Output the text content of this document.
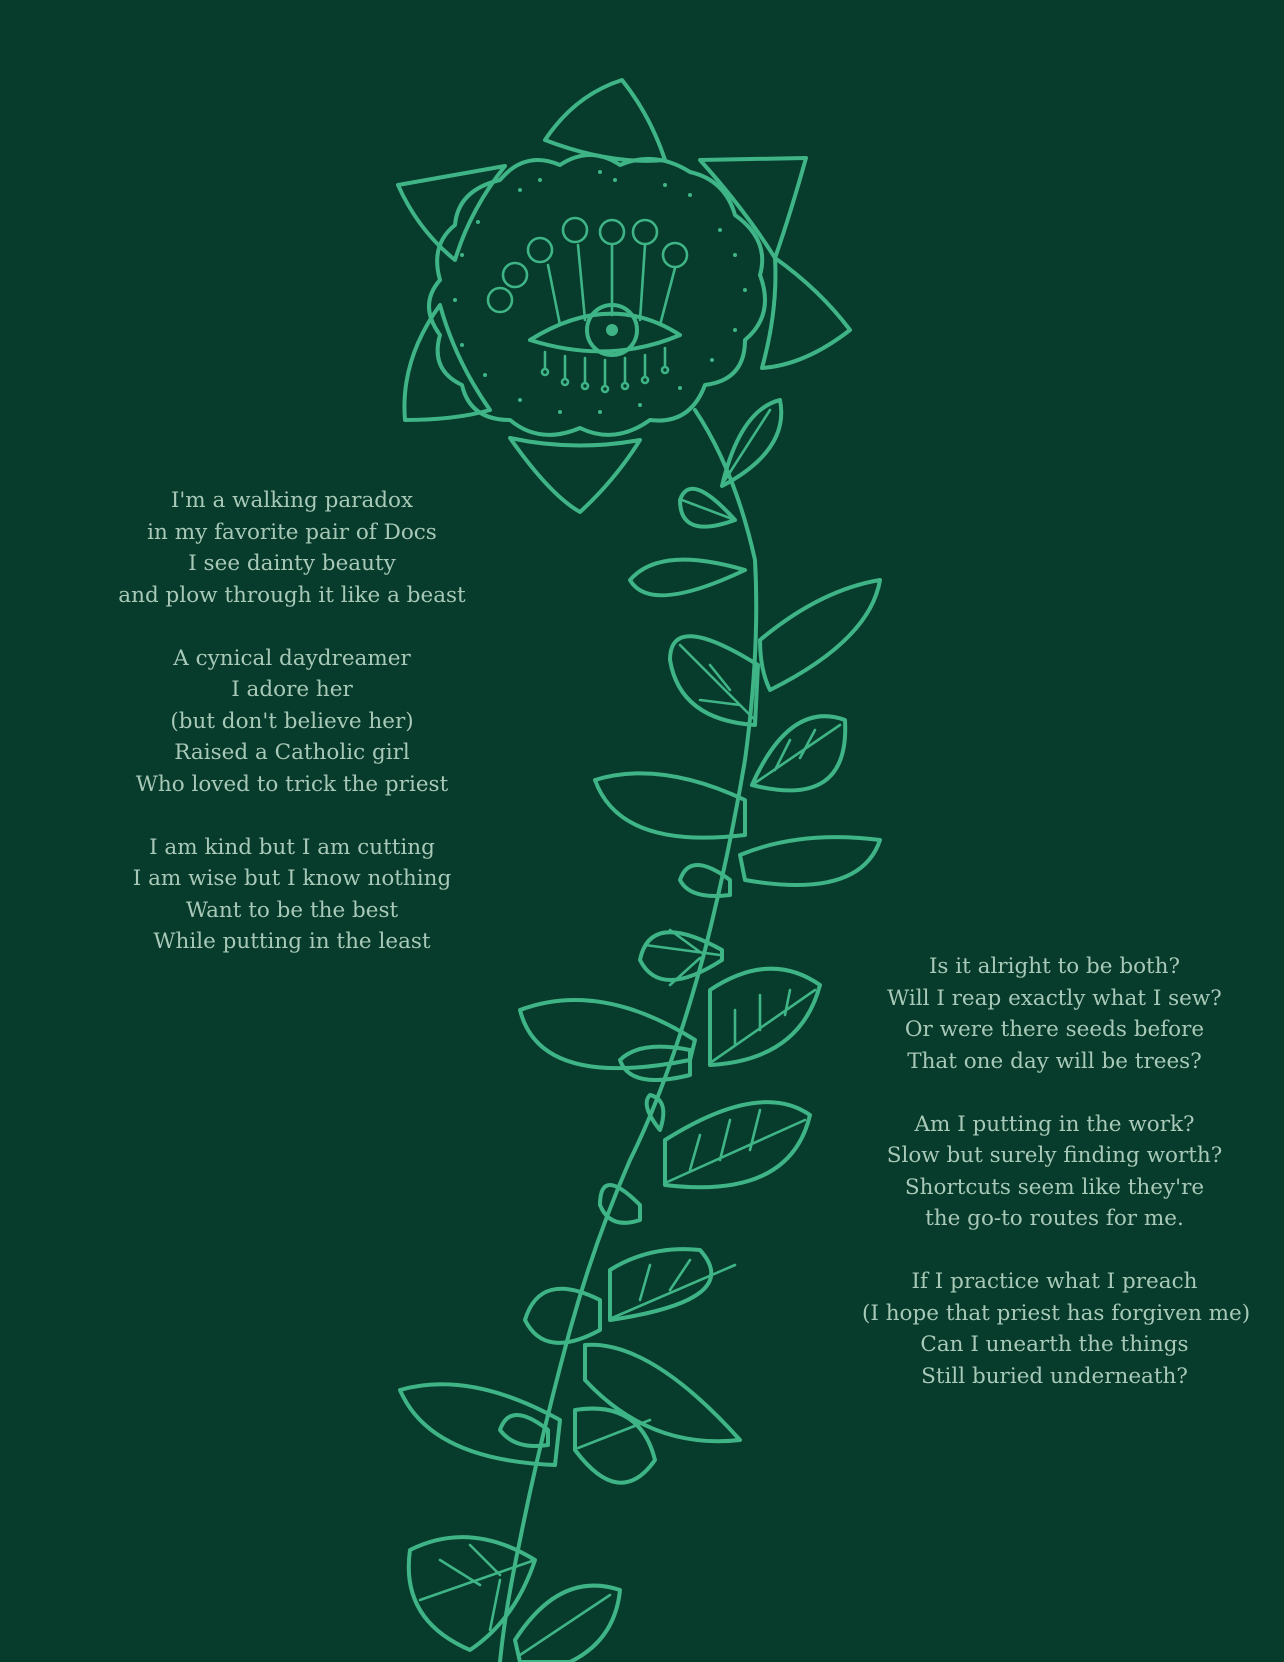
I'm a walking paradox
in my favorite pair of Docs
I see dainty beauty
and plow through it like a beast
A cynical daydreamer
I adore her
(but don't believe her)
Raised a Catholic girl
Who loved to trick the priest
I am kind but I am cutting
I am wise but I know nothing
Want to be the best
While putting in the least
Is it alright to be both?
Will I reap exactly what I sew?
Or were there seeds before
That one day will be trees?
Am I putting in the work?
Slow but surely finding worth?
Shortcuts seem like they're
the go-to routes for me.
If I practice what I preach
(I hope that priest has forgiven me)
Can I unearth the things
Still buried underneath?
